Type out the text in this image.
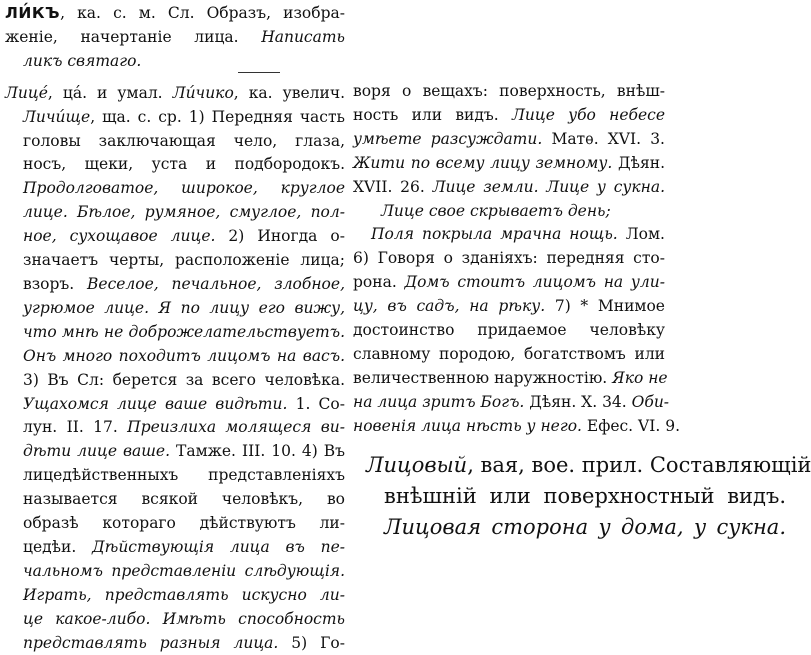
ЛИ́КЪ, ка. с. м. Сл. Образъ, изобра-
женіе, начертаніе лица. Написать
ликъ святаго.
Лице́, ца́. и умал. Ли́чико, ка. увелич.
Личи́ще, ща. с. ср. 1) Передняя часть
головы заключающая чело, глаза,
носъ, щеки, уста и подбородокъ.
Продолговатое, широкое, круглое
лице. Бѣлое, румяное, смуглое, пол-
ное, сухощавое лице. 2) Иногда о-
значаетъ черты, расположеніе лица;
взоръ. Веселое, печальное, злобное,
угрюмое лице. Я по лицу его вижу,
что мнѣ не доброжелательствуетъ.
Онъ много походитъ лицомъ на васъ.
3) Въ Сл: берется за всего человѣка.
Ущахомся лице ваше видѣти. 1. Со-
лун. II. 17. Преизлиха молящеся ви-
дѣти лице ваше. Тамже. III. 10. 4) Въ
лицедѣйственныхъ представленіяхъ
называется всякой человѣкъ, во
образѣ котораго дѣйствуютъ ли-
цедѣи. Дѣйствующія лица въ пе-
чальномъ представленіи слѣдующія.
Играть, представлять искусно ли-
це какое-либо. Имѣть способность
представлять разныя лица. 5) Го-
воря о вещахъ: поверхность, внѣш-
ность или видъ. Лице убо небесе
умѣете разсуждати. Матѳ. XVI. 3.
Жити по всему лицу земному. Дѣян.
XVII. 26. Лице земли. Лице у сукна.
Лице свое скрываетъ день;
Поля покрыла мрачна нощь. Лом.
6) Говоря о зданіяхъ: передняя сто-
рона. Домъ стоитъ лицомъ на ули-
цу, въ садъ, на рѣку. 7) * Мнимое
достоинство придаемое человѣку
славному породою, богатствомъ или
величественною наружностію. Яко не
на лица зритъ Богъ. Дѣян. X. 34. Оби-
новенія лица нѣсть у него. Ефес. VI. 9.
Лицовый, вая, вое. прил. Составляющій
внѣшній или поверхностный видъ.
Лицовая сторона у дома, у сукна.
